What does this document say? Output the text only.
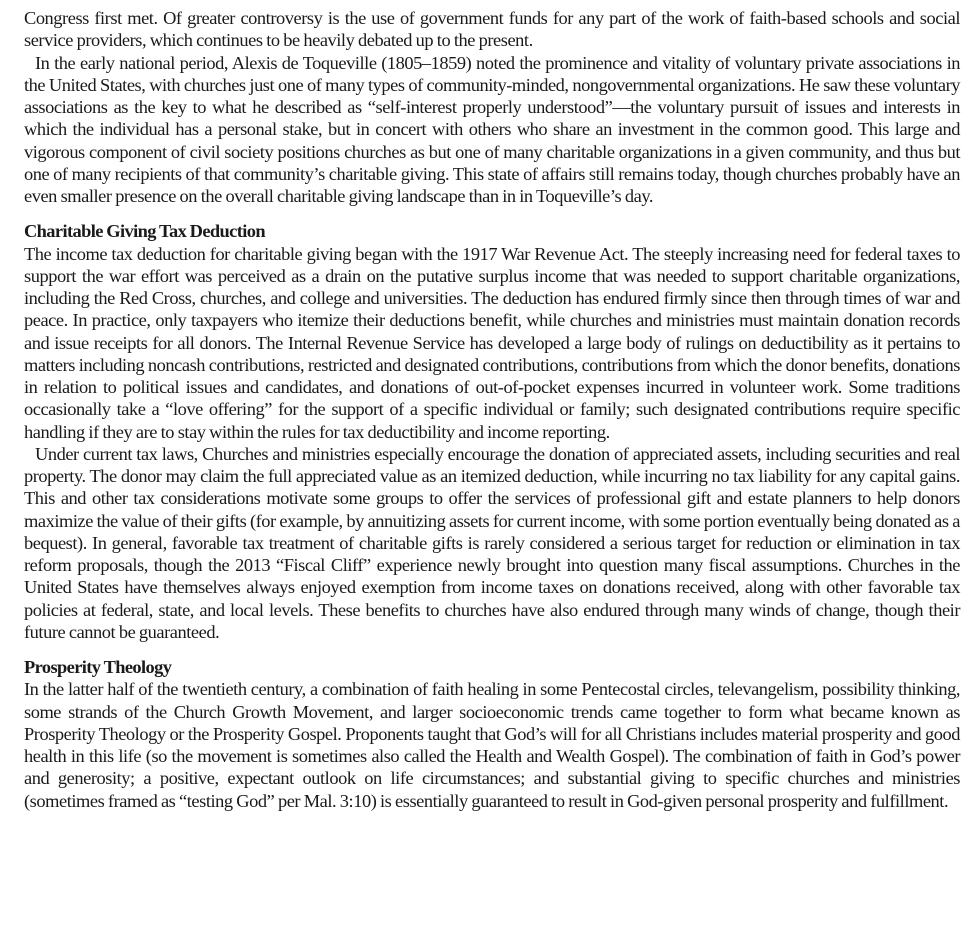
Congress first met. Of greater controversy is the use of government funds for any part of the work of faith-based schools and social service providers, which continues to be heavily debated up to the present.

In the early national period, Alexis de Toqueville (1805–1859) noted the prominence and vitality of voluntary private associations in the United States, with churches just one of many types of community-minded, nongovernmental organizations. He saw these voluntary associations as the key to what he described as “self-interest properly understood”—the voluntary pursuit of issues and interests in which the individual has a personal stake, but in concert with others who share an investment in the common good. This large and vigorous component of civil society positions churches as but one of many charitable organizations in a given community, and thus but one of many recipients of that community’s charitable giving. This state of affairs still remains today, though churches probably have an even smaller presence on the overall charitable giving landscape than in in Toqueville’s day.

Charitable Giving Tax Deduction

The income tax deduction for charitable giving began with the 1917 War Revenue Act. The steeply increasing need for federal taxes to support the war effort was perceived as a drain on the putative surplus income that was needed to support charitable organizations, including the Red Cross, churches, and college and universities. The deduction has endured firmly since then through times of war and peace. In practice, only taxpayers who itemize their deductions benefit, while churches and ministries must maintain donation records and issue receipts for all donors. The Internal Revenue Service has developed a large body of rulings on deductibility as it pertains to matters including noncash contributions, restricted and designated contributions, contributions from which the donor benefits, donations in relation to political issues and candidates, and donations of out-of-pocket expenses incurred in volunteer work. Some traditions occasionally take a “love offering” for the support of a specific individual or family; such designated contributions require specific handling if they are to stay within the rules for tax deductibility and income reporting.

Under current tax laws, Churches and ministries especially encourage the donation of appreciated assets, including securities and real property. The donor may claim the full appreciated value as an itemized deduction, while incurring no tax liability for any capital gains. This and other tax considerations motivate some groups to offer the services of professional gift and estate planners to help donors maximize the value of their gifts (for example, by annuitizing assets for current income, with some portion eventually being donated as a bequest). In general, favorable tax treatment of charitable gifts is rarely considered a serious target for reduction or elimination in tax reform proposals, though the 2013 “Fiscal Cliff” experience newly brought into question many fiscal assumptions. Churches in the United States have themselves always enjoyed exemption from income taxes on donations received, along with other favorable tax policies at federal, state, and local levels. These benefits to churches have also endured through many winds of change, though their future cannot be guaranteed.

Prosperity Theology

In the latter half of the twentieth century, a combination of faith healing in some Pentecostal circles, televangelism, possibility thinking, some strands of the Church Growth Movement, and larger socioeconomic trends came together to form what became known as Prosperity Theology or the Prosperity Gospel. Proponents taught that God’s will for all Christians includes material prosperity and good health in this life (so the movement is sometimes also called the Health and Wealth Gospel). The combination of faith in God’s power and generosity; a positive, expectant outlook on life circumstances; and substantial giving to specific churches and ministries (sometimes framed as “testing God” per Mal. 3:10) is essentially guaranteed to result in God-given personal prosperity and fulfillment.
